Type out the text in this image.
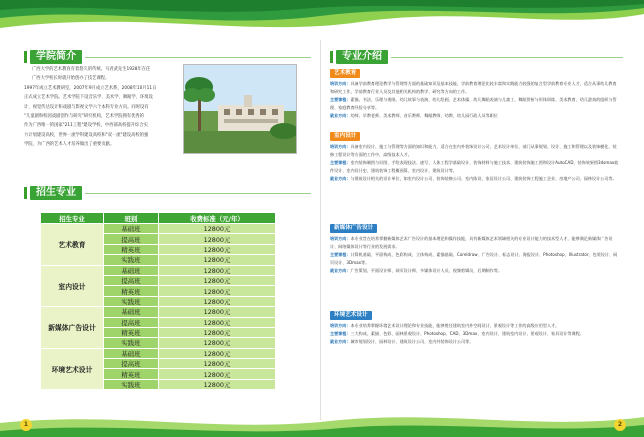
学院简介
广西大学的艺术教育有着悠久的传统。马君武先生1928年在任
广西大学校长时就开始创办了技艺课程。
1997年成立艺术教研室，2007年9月成立艺术系，2008年10月11日
正式成立艺术学院。艺术学院下设音乐学、美术学、舞蹈学、环境设
计、视觉传达设计和戏剧与影视文学六个本科专业方向。同时设有
"儿童剧和校园戏剧创作与研究"研究机构，艺术学院拥有优秀的
作为广西唯一的国家"211工程"建设学校，中西部高校提升综合实
力计划建设高校，世界一流学科建设高校和"双一流"建设高校的强
学院，为广西的艺术人才培养做出了重要贡献。
招生专业
招生专业	班别	收费标准（元/年）
艺术教育	基础班	12800元
	提高班	12800元
	精英班	12800元
	实践班	12800元
室内设计	基础班	12800元
	提高班	12800元
	精英班	12800元
	实践班	12800元
新媒体广告设计	基础班	12800元
	提高班	12800元
	精英班	12800元
	实践班	12800元
环境艺术设计	基础班	12800元
	提高班	12800元
	精英班	12800元
	实践班	12800元
1
专业介绍
艺术教育

培训方向：具备学前教育理论教学与管理等方面的基础知识及基本技能，学前教育理论比较丰富和实践能力较强的复合型学前教育专业人才，适合从事幼儿教育和研究工作，学前教育行业人员及其他相关机构的教学、研究等方向的工作。

主要课程：素描、书法、乐理与视唱、幼儿故事与表演、幼儿绘画、艺术体操、幼儿舞蹈表演与儿童工、舞蹈赏析与形体训练、美术教育、幼儿游戏的组织与管理、家庭教育经验分享等。

就业方向：幼师、早教老师、美术教师、音乐教师、舞蹈教师、幼教、幼儿园行政人员等职位

室内设计

培训方向：具备室内设计、施工与管理等方面的知识和能力，适合在室内外装饰设计公司、艺术设计单位、部门从事规划、设计、施工和管理以及装饰模化、装修工程设计等方面的工作中，高级技术人才。

主要课程：室内装饰制图与识图、手绘表现技法、速写、人体工程学基础设计、装饰材料与施工技术、建筑装饰施工图和设计AutoCAD、装饰效果图3dsmax软件设计、室内设计史、建筑装饰工程概预算、室内设计、建筑设计等。

就业方向：与建筑设计相关的设计单位，如室内设计公司、装饰装修公司、室内陈设、家居设计公司、建筑装饰工程施工企业、房地产公司、园林设计公司等。

新媒体广告设计

培训方向：本专业旨在培养掌握新媒体艺术广告设计的基本理论和操作技能，具有新媒体艺术领域相关的专业设计能力的技术型人才，能够满足新媒体广告设计、网络媒体设计等行业的发展需求。

主要课程：计算机基础、平面构成、色彩构成、立体构成、素描基础、Coreldraw、广告设计、标志设计、海报设计、Photoshop、Illustrator、包装设计、网页设计、3Dmax等。

就业方向：广告策划、平面设计师、网页设计师、多媒体设计人员、视频剪辑员、后期制作等。

环境艺术设计

培训方向：本专业培养掌握环境艺术设计理论和专业技能，能够胜任建筑室内外空间设计、景观设计等工作的高级应用型人才。

主要课程：三大构成、素描、色彩、园林景观设计、Photoshop、CAD、3Dmax、室内设计、建筑室内设计、景观设计、家具设计等课程。

就业方向：城市规划设计、园林设计、建筑设计公司、室内外装饰设计公司等。

2
